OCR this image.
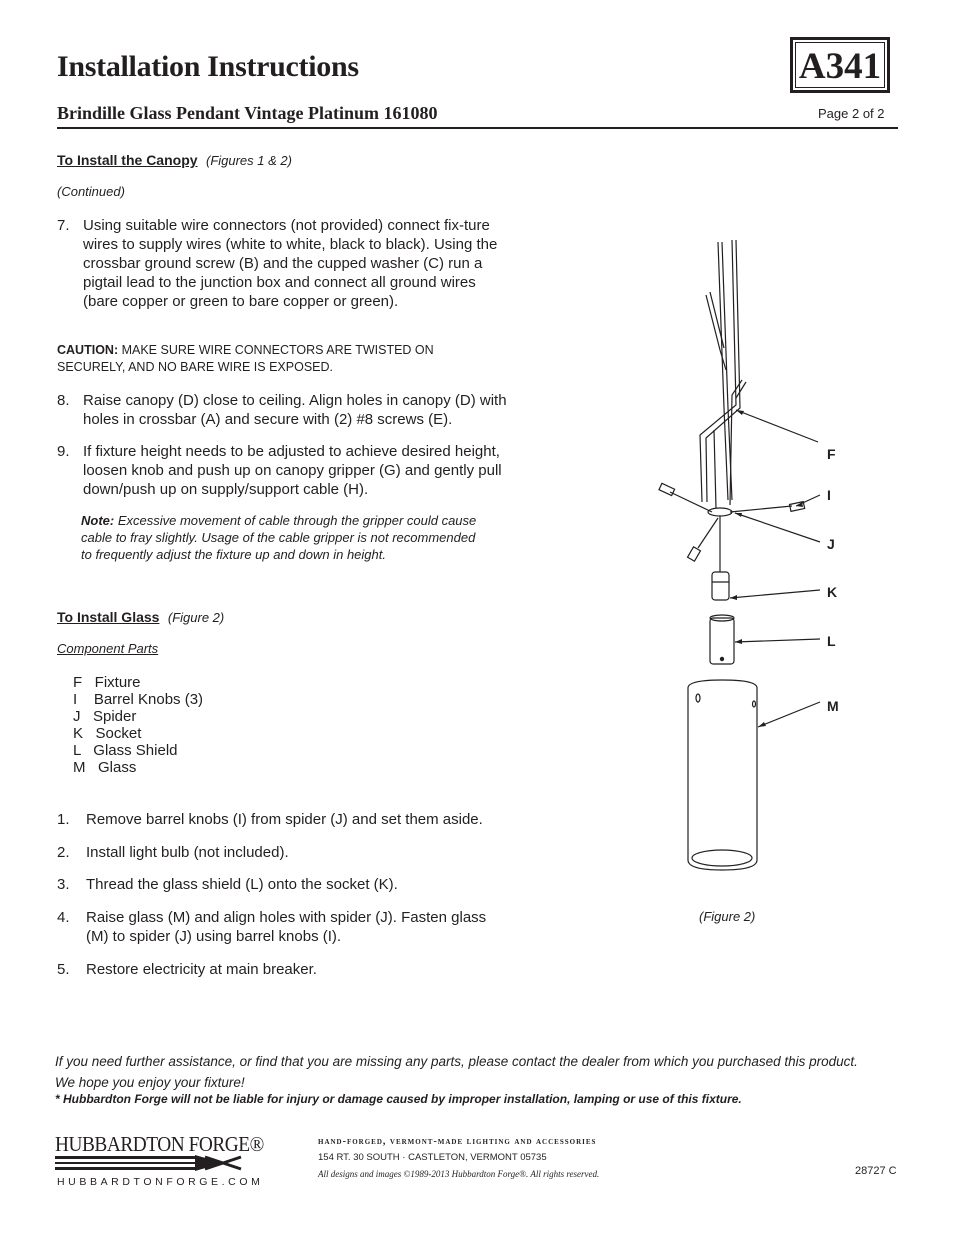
Installation Instructions	A341
Brindille Glass Pendant Vintage Platinum 161080	Page 2 of 2
To Install the Canopy (Figures 1 & 2)
(Continued)
7. Using suitable wire connectors (not provided) connect fix-ture wires to supply wires (white to white, black to black). Using the crossbar ground screw (B) and the cupped washer (C) run a pigtail lead to the junction box and connect all ground wires (bare copper or green to bare copper or green).
CAUTION: MAKE SURE WIRE CONNECTORS ARE TWISTED ON SECURELY, AND NO BARE WIRE IS EXPOSED.
8. Raise canopy (D) close to ceiling. Align holes in canopy (D) with holes in crossbar (A) and secure with (2) #8 screws (E).
9. If fixture height needs to be adjusted to achieve desired height, loosen knob and push up on canopy gripper (G) and gently pull down/push up on supply/support cable (H).
Note: Excessive movement of cable through the gripper could cause cable to fray slightly. Usage of the cable gripper is not recommended to frequently adjust the fixture up and down in height.
To Install Glass (Figure 2)
Component Parts
F   Fixture
I    Barrel Knobs (3)
J   Spider
K   Socket
L   Glass Shield
M   Glass
1. Remove barrel knobs (I) from spider (J) and set them aside.
2. Install light bulb (not included).
3. Thread the glass shield (L) onto the socket (K).
4. Raise glass (M) and align holes with spider (J). Fasten glass (M) to spider (J) using barrel knobs (I).
5. Restore electricity at main breaker.
F
I
J
K
L
M
(Figure 2)
If you need further assistance, or find that you are missing any parts, please contact the dealer from which you purchased this product.
We hope you enjoy your fixture!
* Hubbardton Forge will not be liable for injury or damage caused by improper installation, lamping or use of this fixture.
HUBBARDTON FORGE®
HUBBARDTONFORGE.COM
hand-forged, vermont-made lighting and accessories
154 RT. 30 SOUTH · CASTLETON, VERMONT 05735
All designs and images ©1989-2013 Hubbardton Forge®. All rights reserved.	28727 C
